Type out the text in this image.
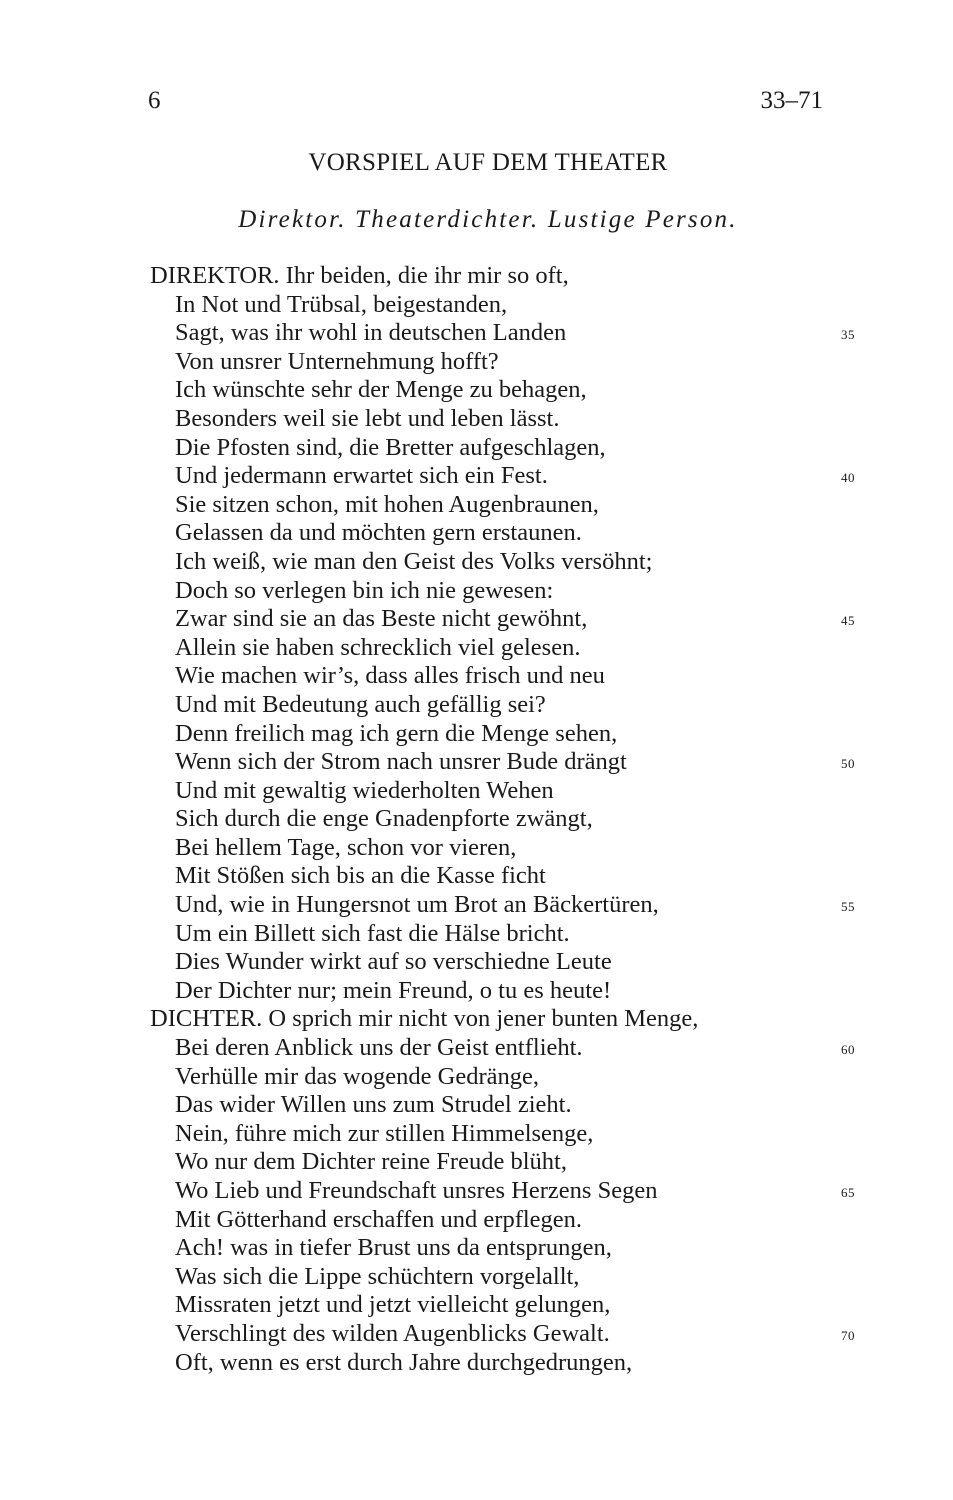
6	33–71
VORSPIEL AUF DEM THEATER
Direktor. Theaterdichter. Lustige Person.
DIREKTOR. Ihr beiden, die ihr mir so oft,
In Not und Trübsal, beigestanden,
Sagt, was ihr wohl in deutschen Landen	35
Von unsrer Unternehmung hofft?
Ich wünschte sehr der Menge zu behagen,
Besonders weil sie lebt und leben lässt.
Die Pfosten sind, die Bretter aufgeschlagen,
Und jedermann erwartet sich ein Fest.	40
Sie sitzen schon, mit hohen Augenbraunen,
Gelassen da und möchten gern erstaunen.
Ich weiß, wie man den Geist des Volks versöhnt;
Doch so verlegen bin ich nie gewesen:
Zwar sind sie an das Beste nicht gewöhnt,	45
Allein sie haben schrecklich viel gelesen.
Wie machen wir’s, dass alles frisch und neu
Und mit Bedeutung auch gefällig sei?
Denn freilich mag ich gern die Menge sehen,
Wenn sich der Strom nach unsrer Bude drängt	50
Und mit gewaltig wiederholten Wehen
Sich durch die enge Gnadenpforte zwängt,
Bei hellem Tage, schon vor vieren,
Mit Stößen sich bis an die Kasse ficht
Und, wie in Hungersnot um Brot an Bäckertüren,	55
Um ein Billett sich fast die Hälse bricht.
Dies Wunder wirkt auf so verschiedne Leute
Der Dichter nur; mein Freund, o tu es heute!
DICHTER. O sprich mir nicht von jener bunten Menge,
Bei deren Anblick uns der Geist entflieht.	60
Verhülle mir das wogende Gedränge,
Das wider Willen uns zum Strudel zieht.
Nein, führe mich zur stillen Himmelsenge,
Wo nur dem Dichter reine Freude blüht,
Wo Lieb und Freundschaft unsres Herzens Segen	65
Mit Götterhand erschaffen und erpflegen.
Ach! was in tiefer Brust uns da entsprungen,
Was sich die Lippe schüchtern vorgelallt,
Missraten jetzt und jetzt vielleicht gelungen,
Verschlingt des wilden Augenblicks Gewalt.	70
Oft, wenn es erst durch Jahre durchgedrungen,
